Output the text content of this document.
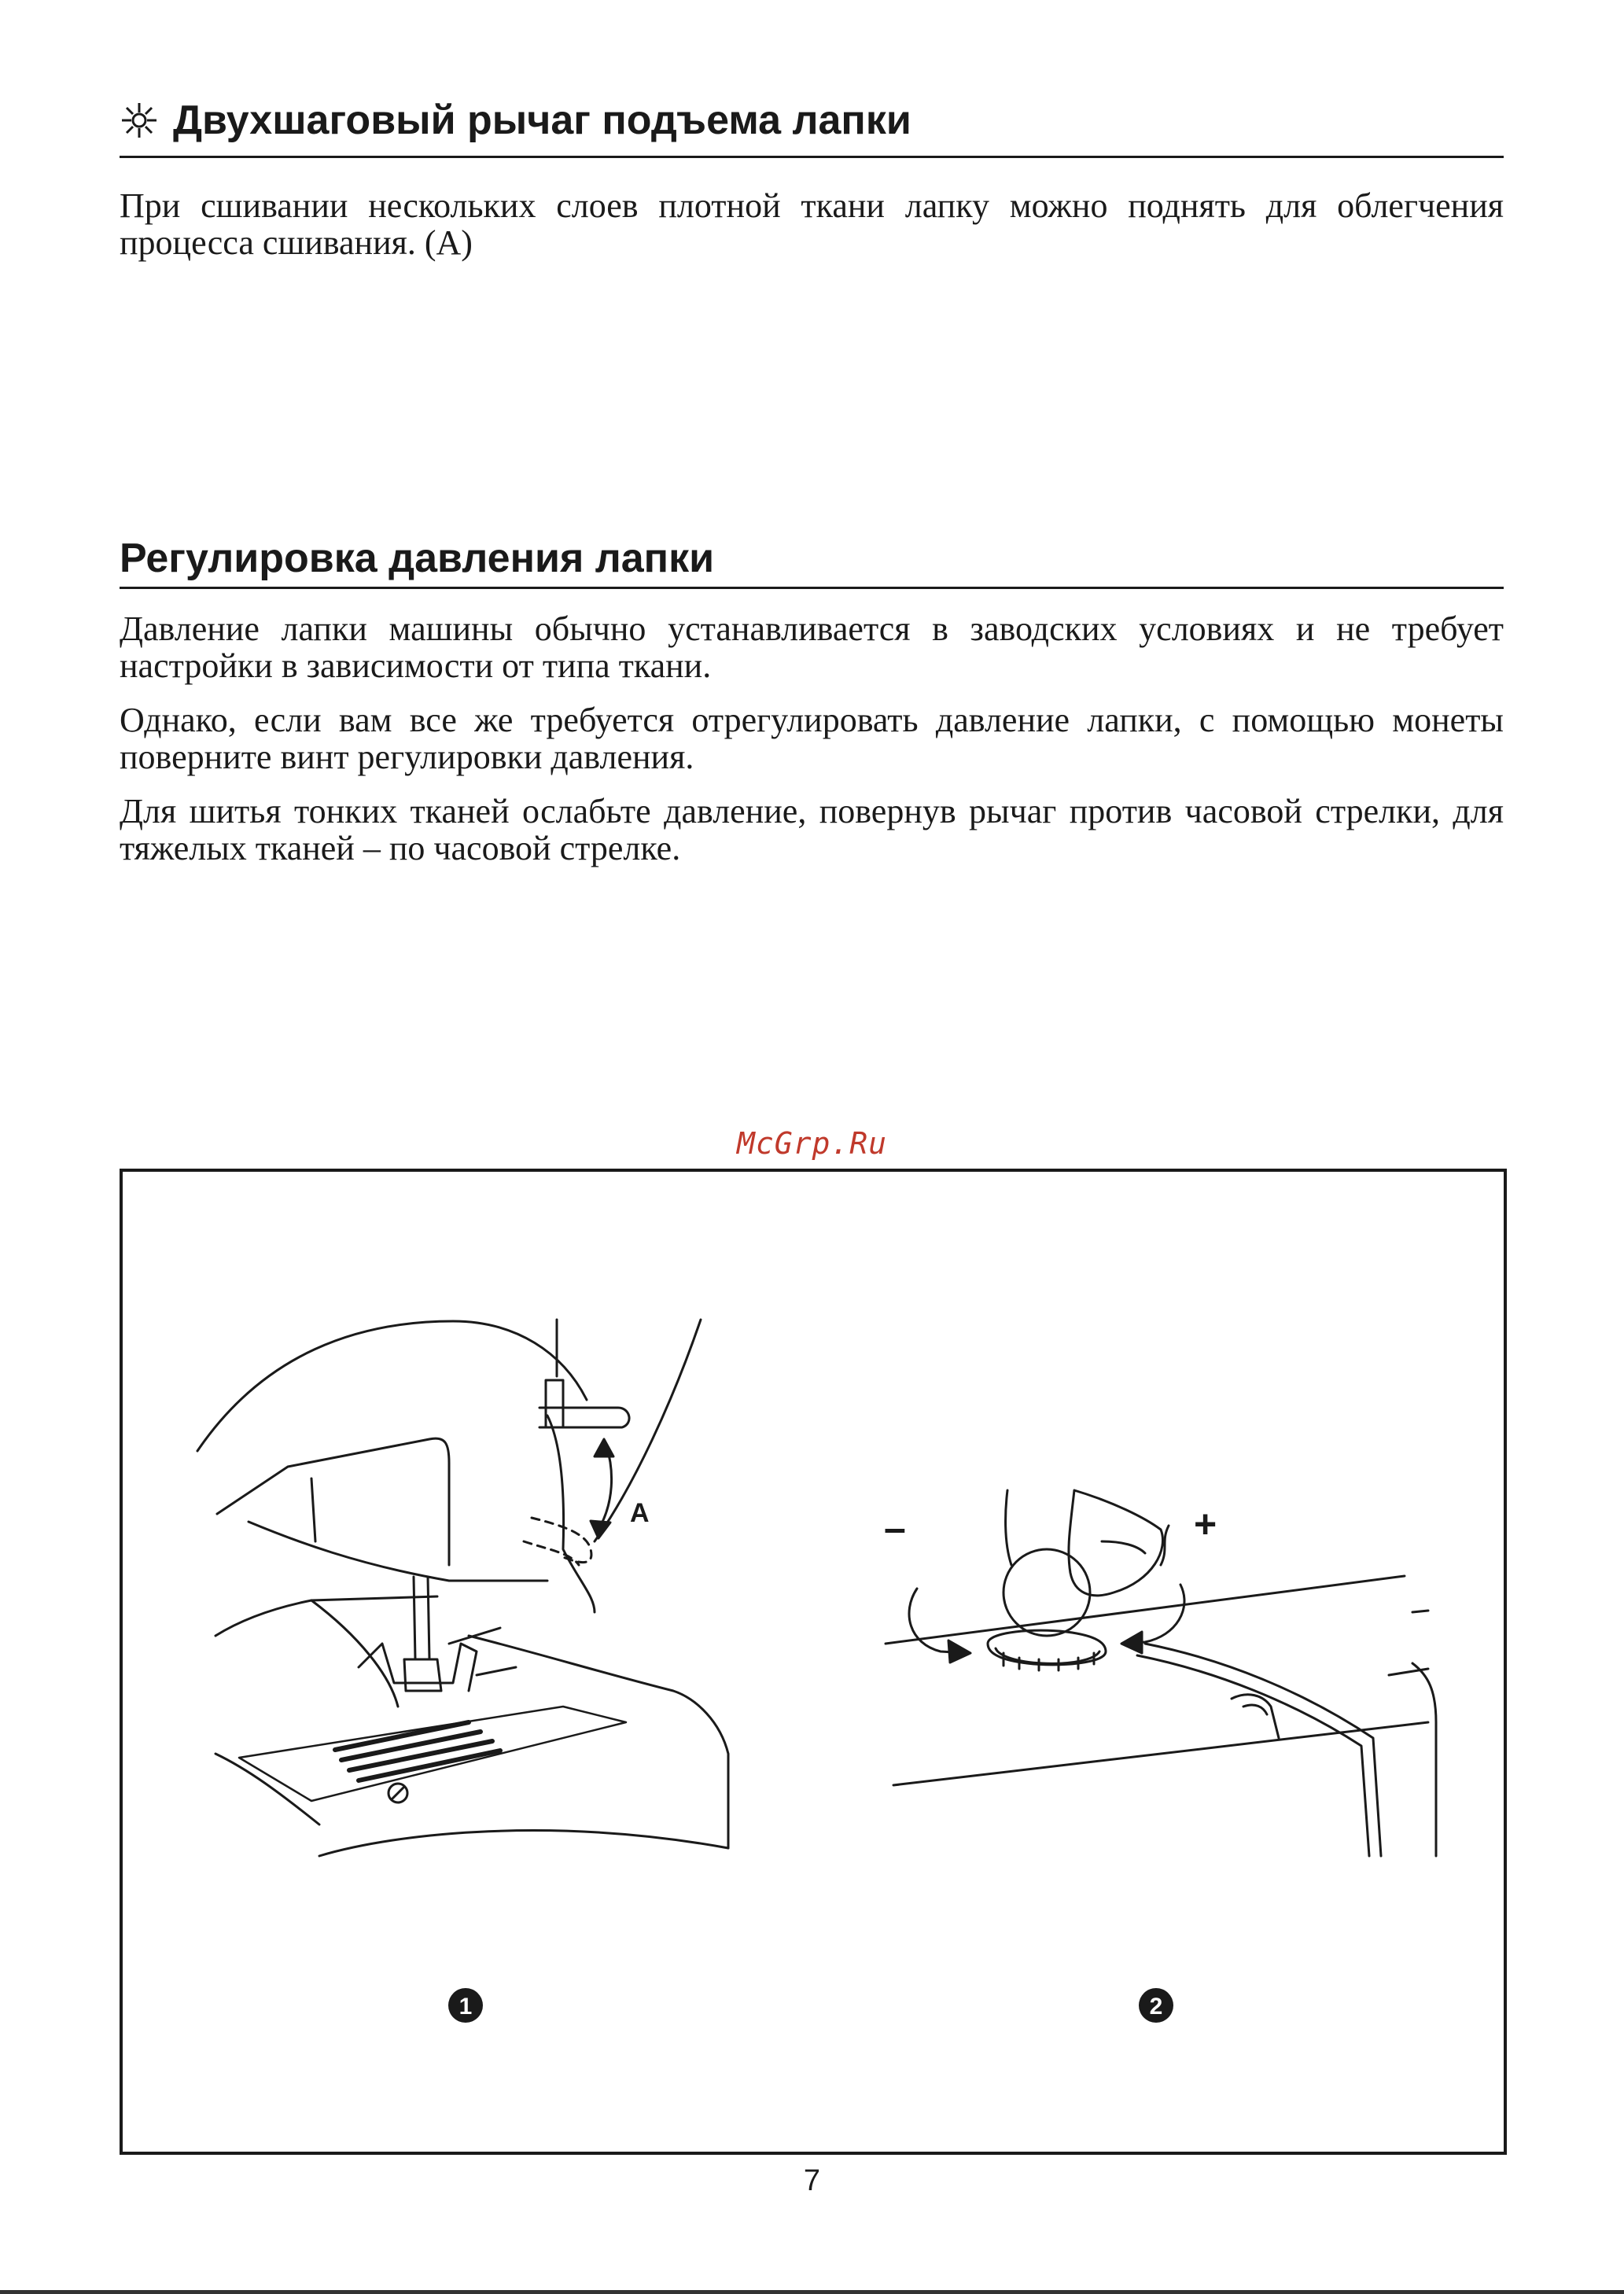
Двухшаговый рычаг подъема лапки

При сшивании нескольких слоев плотной ткани лапку можно поднять для облегчения процесса сшивания. (А)

Регулировка давления лапки

Давление лапки машины обычно устанавливается в заводских условиях и не требует настройки в зависимости от типа ткани.

Однако, если вам все же требуется отрегулировать давление лапки, с помощью монеты поверните винт регулировки давления.

Для шитья тонких тканей ослабьте давление, повернув рычаг против часовой стрелки, для тяжелых тканей – по часовой стрелке.

McGrp.Ru
A	–	+
1	2
7
